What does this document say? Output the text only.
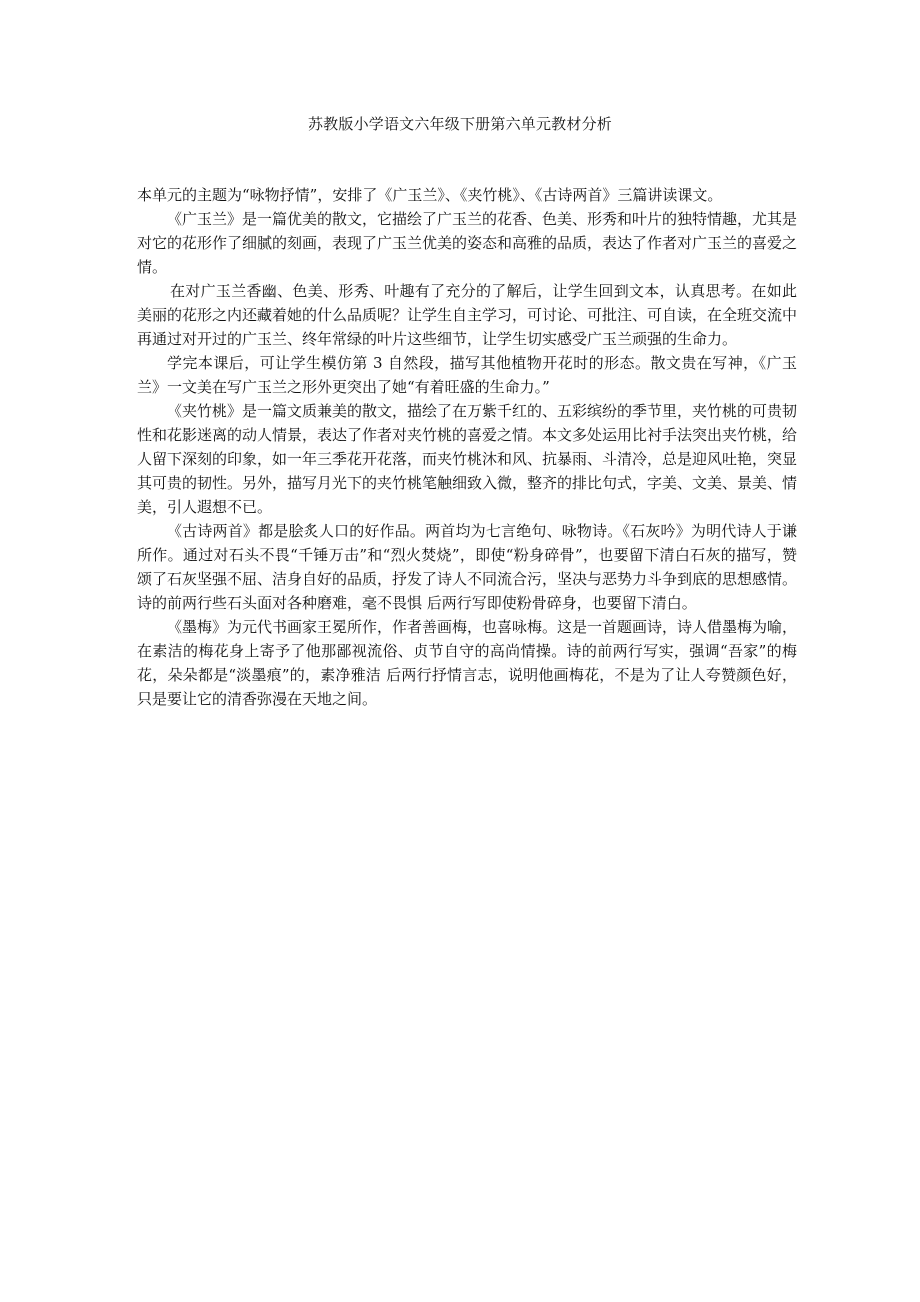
苏教版小学语文六年级下册第六单元教材分析

本单元的主题为“咏物抒情”，安排了《广玉兰》、《夹竹桃》、《古诗两首》三篇讲读课文。

《广玉兰》是一篇优美的散文，它描绘了广玉兰的花香、色美、形秀和叶片的独特情趣，尤其是对它的花形作了细腻的刻画，表现了广玉兰优美的姿态和高雅的品质，表达了作者对广玉兰的喜爱之情。

在对广玉兰香幽、色美、形秀、叶趣有了充分的了解后，让学生回到文本，认真思考。在如此美丽的花形之内还藏着她的什么品质呢？让学生自主学习，可讨论、可批注、可自读，在全班交流中再通过对开过的广玉兰、终年常绿的叶片这些细节，让学生切实感受广玉兰顽强的生命力。

学完本课后，可让学生模仿第 3 自然段，描写其他植物开花时的形态。散文贵在写神，《广玉兰》一文美在写广玉兰之形外更突出了她“有着旺盛的生命力。”

《夹竹桃》是一篇文质兼美的散文，描绘了在万紫千红的、五彩缤纷的季节里，夹竹桃的可贵韧性和花影迷离的动人情景，表达了作者对夹竹桃的喜爱之情。本文多处运用比衬手法突出夹竹桃，给人留下深刻的印象，如一年三季花开花落，而夹竹桃沐和风、抗暴雨、斗清冷，总是迎风吐艳，突显其可贵的韧性。另外，描写月光下的夹竹桃笔触细致入微，整齐的排比句式，字美、文美、景美、情美，引人遐想不已。

《古诗两首》都是脍炙人口的好作品。两首均为七言绝句、咏物诗。《石灰吟》为明代诗人于谦所作。通过对石头不畏“千锤万击”和“烈火焚烧”，即使“粉身碎骨”，也要留下清白石灰的描写，赞颂了石灰坚强不屈、洁身自好的品质，抒发了诗人不同流合污，坚决与恶势力斗争到底的思想感情。诗的前两行些石头面对各种磨难，毫不畏惧 后两行写即使粉骨碎身，也要留下清白。

《墨梅》为元代书画家王冕所作，作者善画梅，也喜咏梅。这是一首题画诗，诗人借墨梅为喻，在素洁的梅花身上寄予了他那鄙视流俗、贞节自守的高尚情操。诗的前两行写实，强调“吾家”的梅花，朵朵都是“淡墨痕”的，素净雅洁 后两行抒情言志，说明他画梅花，不是为了让人夸赞颜色好，只是要让它的清香弥漫在天地之间。
